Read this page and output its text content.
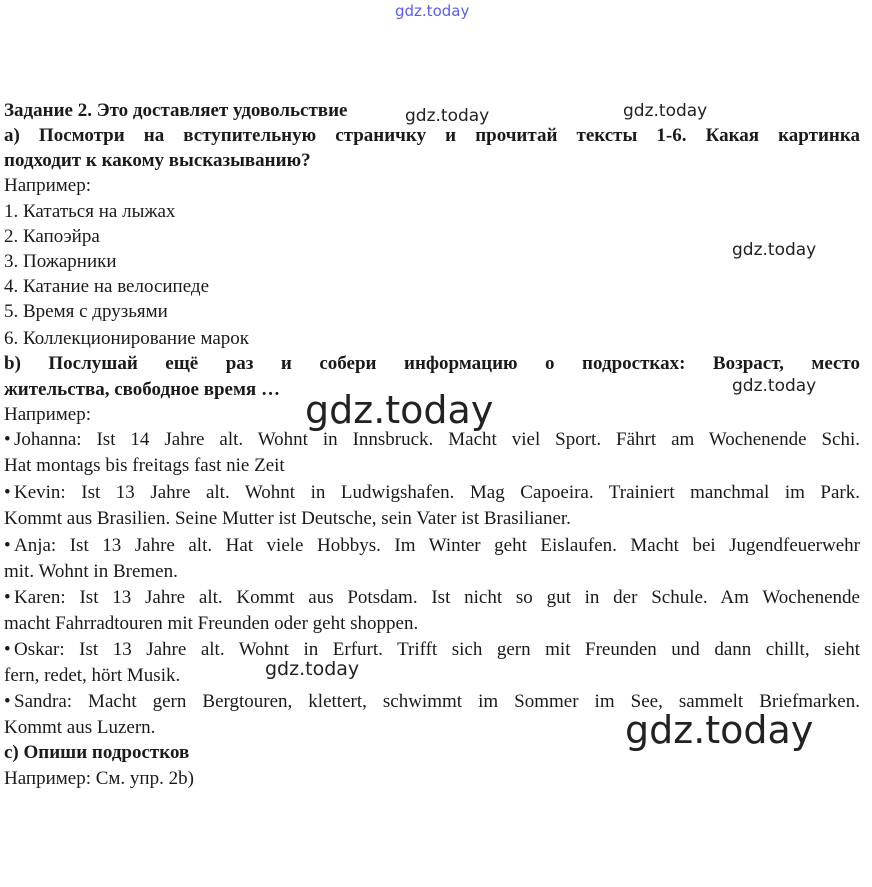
gdz.today
Задание 2. Это доставляет удовольствие
а) Посмотри на вступительную страничку и прочитай тексты 1-6. Какая картинка
подходит к какому высказыванию?
Например:
1. Кататься на лыжах
2. Капоэйра
3. Пожарники
4. Катание на велосипеде
5. Время с друзьями
6. Коллекционирование марок
b) Послушай ещё раз и собери информацию о подростках: Возраст, место
жительства, свободное время …
Например:
• Johanna: Ist 14 Jahre alt. Wohnt in Innsbruck. Macht viel Sport. Fährt am Wochenende Schi.
Hat montags bis freitags fast nie Zeit
• Kevin: Ist 13 Jahre alt. Wohnt in Ludwigshafen. Mag Capoeira. Trainiert manchmal im Park.
Kommt aus Brasilien. Seine Mutter ist Deutsche, sein Vater ist Brasilianer.
• Anja: Ist 13 Jahre alt. Hat viele Hobbys. Im Winter geht Eislaufen. Macht bei Jugendfeuerwehr
mit. Wohnt in Bremen.
• Karen: Ist 13 Jahre alt. Kommt aus Potsdam. Ist nicht so gut in der Schule. Am Wochenende
macht Fahrradtouren mit Freunden oder geht shoppen.
• Oskar: Ist 13 Jahre alt. Wohnt in Erfurt. Trifft sich gern mit Freunden und dann chillt, sieht
fern, redet, hört Musik.
• Sandra: Macht gern Bergtouren, klettert, schwimmt im Sommer im See, sammelt Briefmarken.
Kommt aus Luzern.
с) Опиши подростков
Например: См. упр. 2b)
gdz.today	gdz.today
gdz.today
gdz.today
gdz.today
gdz.today
gdz.today
